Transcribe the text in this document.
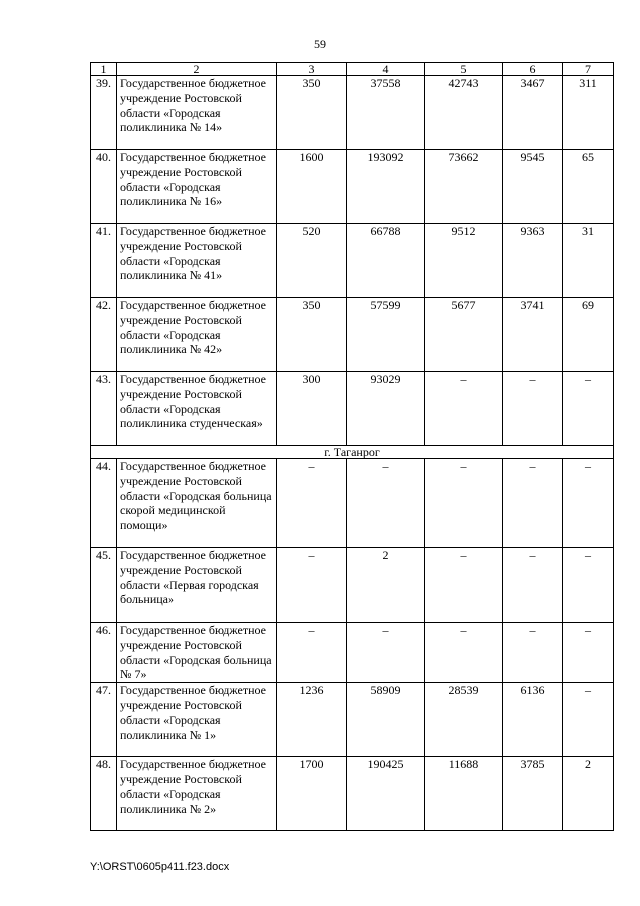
59
1	2	3	4	5	6	7
39.	Государственное бюджетное учреждение Ростовской области «Городская поликлиника № 14»	350	37558	42743	3467	311
40.	Государственное бюджетное учреждение Ростовской области «Городская поликлиника № 16»	1600	193092	73662	9545	65
41.	Государственное бюджетное учреждение Ростовской области «Городская поликлиника № 41»	520	66788	9512	9363	31
42.	Государственное бюджетное учреждение Ростовской области «Городская поликлиника № 42»	350	57599	5677	3741	69
43.	Государственное бюджетное учреждение Ростовской области «Городская поликлиника студенческая»	300	93029	–	–	–
г. Таганрог						
44.	Государственное бюджетное учреждение Ростовской области «Городская больница скорой медицинской помощи»	–	–	–	–	–
45.	Государственное бюджетное учреждение Ростовской области «Первая городская больница»	–	2	–	–	–
46.	Государственное бюджетное учреждение Ростовской области «Городская больница № 7»	–	–	–	–	–
47.	Государственное бюджетное учреждение Ростовской области «Городская поликлиника № 1»	1236	58909	28539	6136	–
48.	Государственное бюджетное учреждение Ростовской области «Городская поликлиника № 2»	1700	190425	11688	3785	2
Y:\ORST\0605p411.f23.docx
